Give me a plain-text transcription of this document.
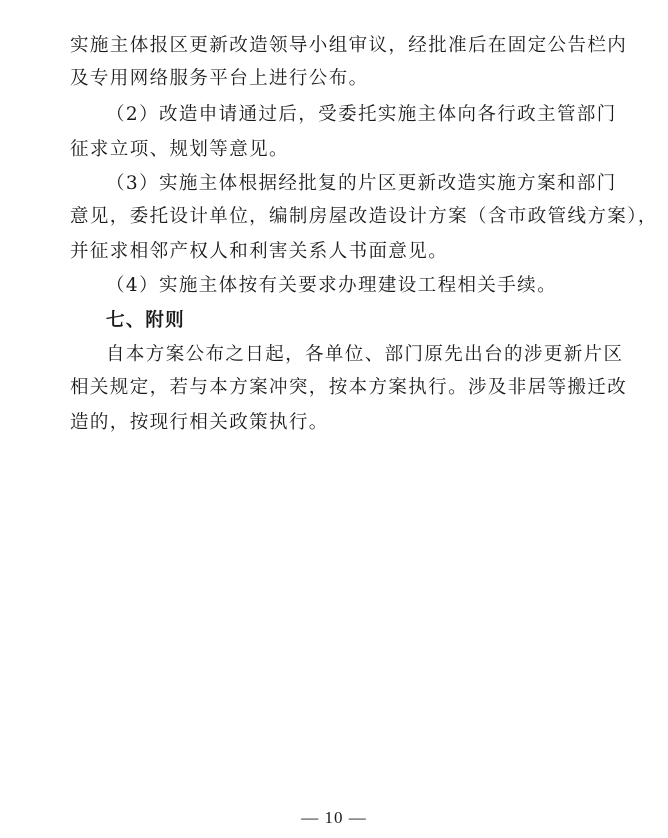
实施主体报区更新改造领导小组审议，经批准后在固定公告栏内
及专用网络服务平台上进行公布。
（2）改造申请通过后，受委托实施主体向各行政主管部门
征求立项、规划等意见。
（3）实施主体根据经批复的片区更新改造实施方案和部门
意见，委托设计单位，编制房屋改造设计方案（含市政管线方案），
并征求相邻产权人和利害关系人书面意见。
（4）实施主体按有关要求办理建设工程相关手续。
七、附则
自本方案公布之日起，各单位、部门原先出台的涉更新片区
相关规定，若与本方案冲突，按本方案执行。涉及非居等搬迁改
造的，按现行相关政策执行。
— 10 —
